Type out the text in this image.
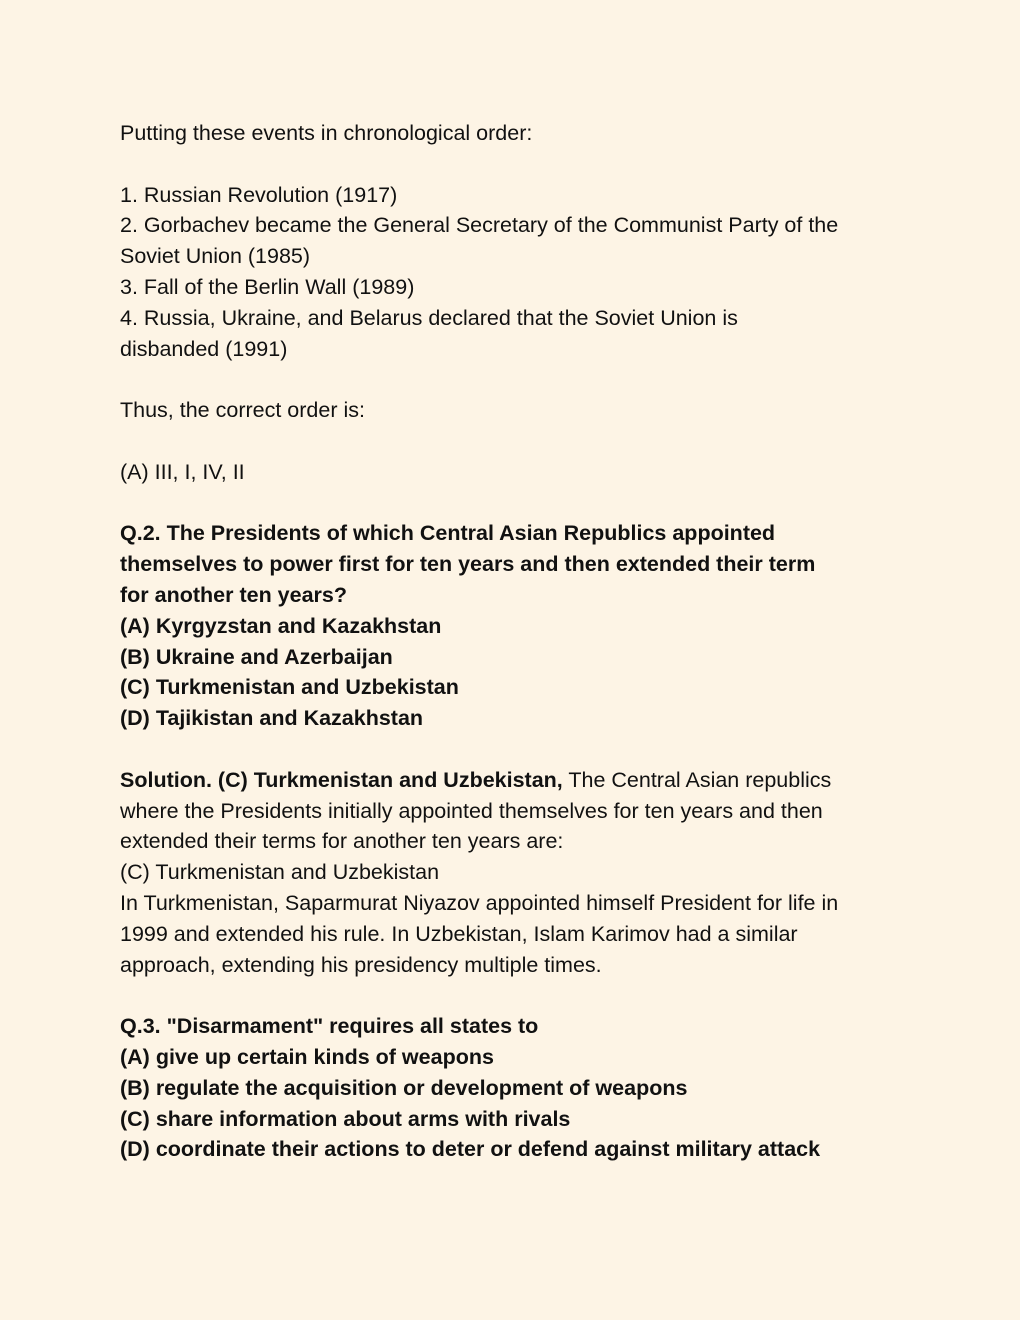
Putting these events in chronological order:
1. Russian Revolution (1917)
2. Gorbachev became the General Secretary of the Communist Party of the
Soviet Union (1985)
3. Fall of the Berlin Wall (1989)
4. Russia, Ukraine, and Belarus declared that the Soviet Union is
disbanded (1991)
Thus, the correct order is:
(A) III, I, IV, II
Q.2. The Presidents of which Central Asian Republics appointed
themselves to power first for ten years and then extended their term
for another ten years?
(A) Kyrgyzstan and Kazakhstan
(B) Ukraine and Azerbaijan
(C) Turkmenistan and Uzbekistan
(D) Tajikistan and Kazakhstan
Solution. (C) Turkmenistan and Uzbekistan, The Central Asian republics
where the Presidents initially appointed themselves for ten years and then
extended their terms for another ten years are:
(C) Turkmenistan and Uzbekistan
In Turkmenistan, Saparmurat Niyazov appointed himself President for life in
1999 and extended his rule. In Uzbekistan, Islam Karimov had a similar
approach, extending his presidency multiple times.
Q.3. "Disarmament" requires all states to
(A) give up certain kinds of weapons
(B) regulate the acquisition or development of weapons
(C) share information about arms with rivals
(D) coordinate their actions to deter or defend against military attack
